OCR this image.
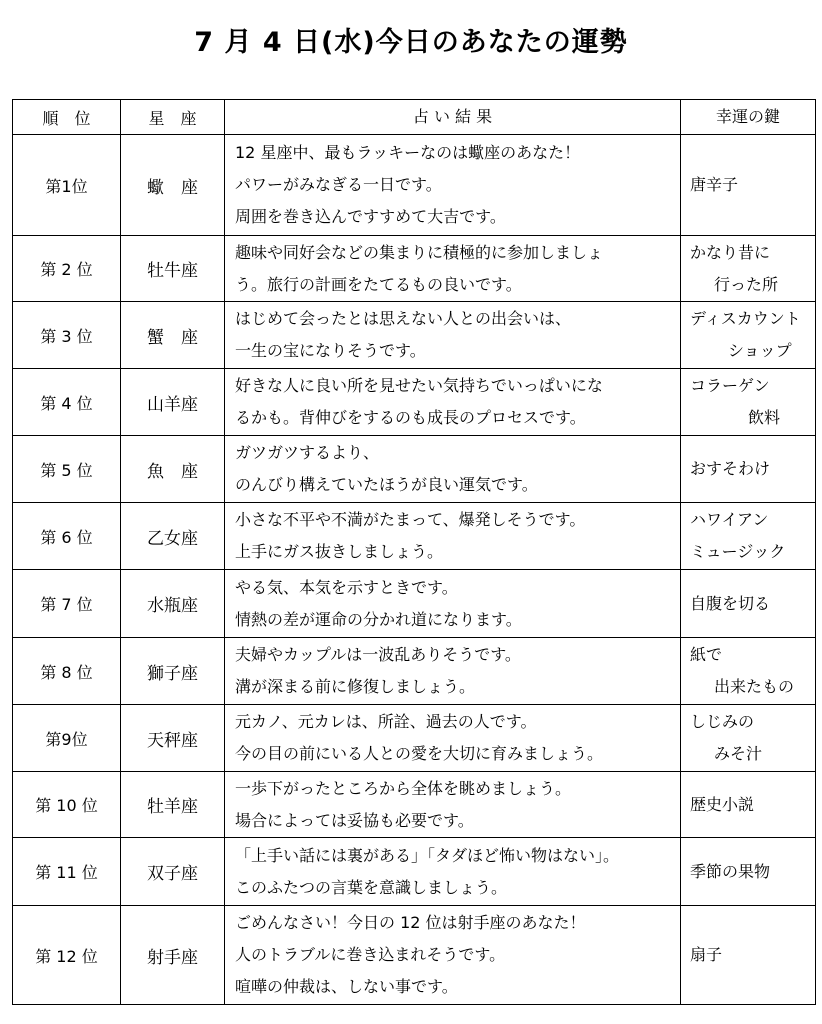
7 月 4 日(水)今日のあなたの運勢
順　位	星　座	占 い 結 果	幸運の鍵
第1位	蠍　座	12 星座中、最もラッキーなのは蠍座のあなた！
パワーがみなぎる一日です。
周囲を巻き込んですすめて大吉です。	唐辛子

第 2 位	牡牛座	趣味や同好会などの集まりに積極的に参加しましょ
う。旅行の計画をたてるもの良いです。	かなり昔に
行った所

第 3 位	蟹　座	はじめて会ったとは思えない人との出会いは、
一生の宝になりそうです。	ディスカウント
ショップ

第 4 位	山羊座	好きな人に良い所を見せたい気持ちでいっぱいにな
るかも。背伸びをするのも成長のプロセスです。	コラーゲン
飲料

第 5 位	魚　座	ガツガツするより、
のんびり構えていたほうが良い運気です。	おすそわけ

第 6 位	乙女座	小さな不平や不満がたまって、爆発しそうです。
上手にガス抜きしましょう。	ハワイアン
ミュージック

第 7 位	水瓶座	やる気、本気を示すときです。
情熱の差が運命の分かれ道になります。	自腹を切る

第 8 位	獅子座	夫婦やカップルは一波乱ありそうです。
溝が深まる前に修復しましょう。	紙で
出来たもの

第9位	天秤座	元カノ、元カレは、所詮、過去の人です。
今の目の前にいる人との愛を大切に育みましょう。	しじみの
みそ汁

第 10 位	牡羊座	一歩下がったところから全体を眺めましょう。
場合によっては妥協も必要です。	歴史小説

第 11 位	双子座	「上手い話には裏がある」「タダほど怖い物はない」。
このふたつの言葉を意識しましょう。	季節の果物

第 12 位	射手座	ごめんなさい！今日の 12 位は射手座のあなた！
人のトラブルに巻き込まれそうです。
喧嘩の仲裁は、しない事です。	扇子
